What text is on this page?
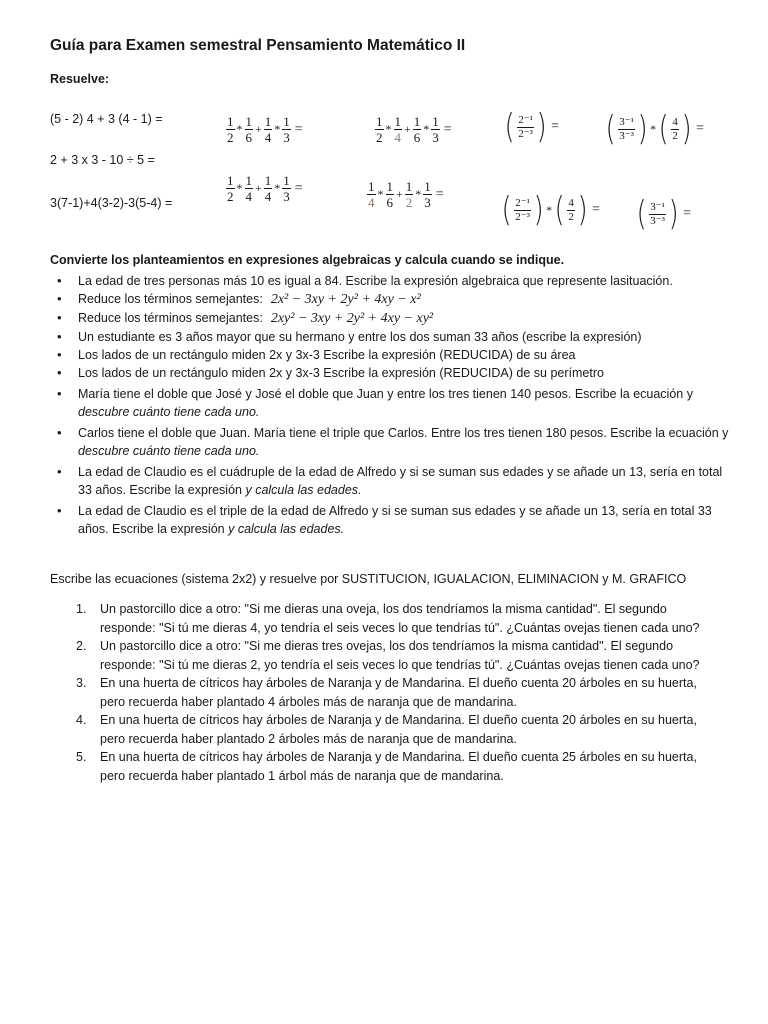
Guía para Examen semestral Pensamiento Matemático II
Resuelve:
(5 - 2) 4 + 3 (4 - 1) =
2 + 3 x 3 - 10 ÷ 5 =
3(7-1)+4(3-2)-3(5-4) =
$\frac{1}{2} * \frac{1}{6} + \frac{1}{4} * \frac{1}{3}$ =	$\frac{1}{2} * \frac{1}{4} + \frac{1}{6} * \frac{1}{3}$ =
$\frac{1}{2} * \frac{1}{4} + \frac{1}{4} * \frac{1}{3}$ =	$\frac{1}{4} * \frac{1}{6} + \frac{1}{2} * \frac{1}{3}$ =
( $\frac{\text{2⁻¹}}{\text{2⁻³}}$ ) = ( $\frac{\text{3⁻¹}}{\text{3⁻³}}$ ) * ( $\frac{4}{2}$ ) =
( $\frac{\text{2⁻¹}}{\text{2⁻³}}$ ) * ( $\frac{4}{2}$ ) = ( $\frac{\text{3⁻¹}}{\text{3⁻³}}$ ) =
Convierte los planteamientos en expresiones algebraicas y calcula cuando se indique.
• La edad de tres personas más 10 es igual a 84. Escribe la expresión algebraica que represente lasituación.
• Reduce los términos semejantes: 2x² − 3xy + 2y² + 4xy − x²
• Reduce los términos semejantes: 2xy² − 3xy + 2y² + 4xy − xy²
• Un estudiante es 3 años mayor que su hermano y entre los dos suman 33 años (escribe la expresión)
• Los lados de un rectángulo miden 2x y 3x-3 Escribe la expresión (REDUCIDA) de su área
• Los lados de un rectángulo miden 2x y 3x-3 Escribe la expresión (REDUCIDA) de su perímetro
• María tiene el doble que José y José el doble que Juan y entre los tres tienen 140 pesos. Escribe la ecuación y descubre cuánto tiene cada uno.
• Carlos tiene el doble que Juan. María tiene el triple que Carlos. Entre los tres tienen 180 pesos. Escribe la ecuación y descubre cuánto tiene cada uno.
• La edad de Claudio es el cuádruple de la edad de Alfredo y si se suman sus edades y se añade un 13, sería en total 33 años. Escribe la expresión y calcula las edades.
• La edad de Claudio es el triple de la edad de Alfredo y si se suman sus edades y se añade un 13, sería en total 33 años. Escribe la expresión y calcula las edades.
Escribe las ecuaciones (sistema 2x2) y resuelve por SUSTITUCION, IGUALACION, ELIMINACION y M. GRAFICO
1. Un pastorcillo dice a otro: "Si me dieras una oveja, los dos tendríamos la misma cantidad". El segundo responde: "Si tú me dieras 4, yo tendría el seis veces lo que tendrías tú". ¿Cuántas ovejas tienen cada uno?
2. Un pastorcillo dice a otro: "Si me dieras tres ovejas, los dos tendríamos la misma cantidad". El segundo responde: "Si tú me dieras 2, yo tendría el seis veces lo que tendrías tú". ¿Cuántas ovejas tienen cada uno?
3. En una huerta de cítricos hay árboles de Naranja y de Mandarina. El dueño cuenta 20 árboles en su huerta, pero recuerda haber plantado 4 árboles más de naranja que de mandarina.
4. En una huerta de cítricos hay árboles de Naranja y de Mandarina. El dueño cuenta 20 árboles en su huerta, pero recuerda haber plantado 2 árboles más de naranja que de mandarina.
5. En una huerta de cítricos hay árboles de Naranja y de Mandarina. El dueño cuenta 25 árboles en su huerta, pero recuerda haber plantado 1 árbol más de naranja que de mandarina.
